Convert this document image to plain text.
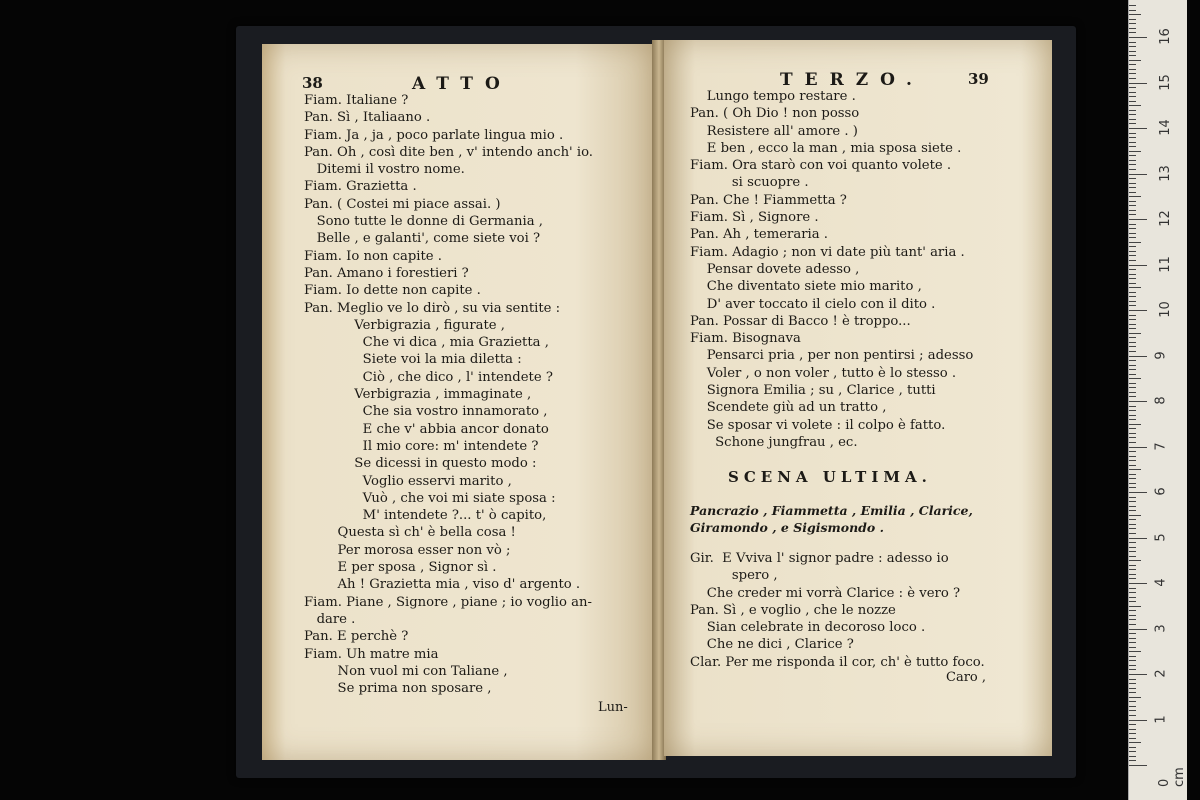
38	ATTO
Fiam. Italiane ?
Pan. Sì , Italiaano .
Fiam. Ja , ja , poco parlate lingua mio .
Pan. Oh , così dite ben , v' intendo anch' io.
Ditemi il vostro nome.
Fiam. Grazietta .
Pan. ( Costei mi piace assai. )
Sono tutte le donne di Germania ,
Belle , e galanti', come siete voi ?
Fiam. Io non capite .
Pan. Amano i forestieri ?
Fiam. Io dette non capite .
Pan. Meglio ve lo dirò , su via sentite :
Verbigrazia , figurate ,
Che vi dica , mia Grazietta ,
Siete voi la mia diletta :
Ciò , che dico , l' intendete ?
Verbigrazia , immaginate ,
Che sia vostro innamorato ,
E che v' abbia ancor donato
Il mio core: m' intendete ?
Se dicessi in questo modo :
Voglio esservi marito ,
Vuò , che voi mi siate sposa :
M' intendete ?... t' ò capito,
Questa sì ch' è bella cosa !
Per morosa esser non vò ;
E per sposa , Signor sì .
Ah ! Grazietta mia , viso d' argento .
Fiam. Piane , Signore , piane ; io voglio an-
dare .
Pan. E perchè ?
Fiam. Uh matre mia
Non vuol mi con Taliane ,
Se prima non sposare ,
Lun-
TERZO.	39
Lungo tempo restare .
Pan. ( Oh Dio ! non posso
Resistere all' amore . )
E ben , ecco la man , mia sposa siete .
Fiam. Ora starò con voi quanto volete .
si scuopre .
Pan. Che ! Fiammetta ?
Fiam. Sì , Signore .
Pan. Ah , temeraria .
Fiam. Adagio ; non vi date più tant' aria .
Pensar dovete adesso ,
Che diventato siete mio marito ,
D' aver toccato il cielo con il dito .
Pan. Possar di Bacco ! è troppo...
Fiam. Bisognava
Pensarci pria , per non pentirsi ; adesso
Voler , o non voler , tutto è lo stesso .
Signora Emilia ; su , Clarice , tutti
Scendete giù ad un tratto ,
Se sposar vi volete : il colpo è fatto.
Schone jungfrau , ec.
SCENA ULTIMA.
Pancrazio , Fiammetta , Emilia , Clarice, Giramondo , e Sigismondo .
Gir.  E Vviva l' signor padre : adesso io
spero ,
Che creder mi vorrà Clarice : è vero ?
Pan. Sì , e voglio , che le nozze
Sian celebrate in decoroso loco .
Che ne dici , Clarice ?
Clar. Per me risponda il cor, ch' è tutto foco.
Caro ,
0 cm
1
2
3
4
5
6
7
8
9
10
11
12
13
14
15
16
